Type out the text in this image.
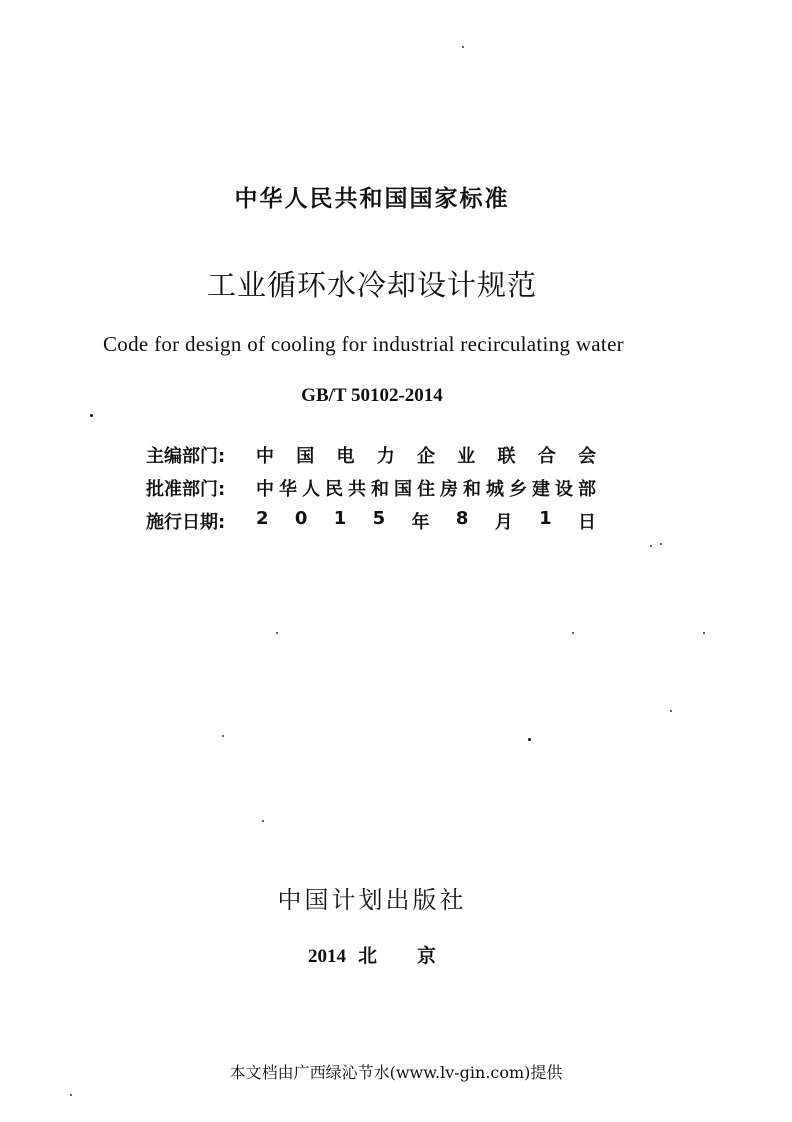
中华人民共和国国家标准
工业循环水冷却设计规范
Code for design of cooling for industrial recirculating water
GB/T 50102-2014
主编部门:	中 国 电 力 企 业 联 合 会
批准部门:	中 华 人 民 共 和 国 住 房 和 城 乡 建 设 部
施行日期:	2 0 1 5 年 8 月 1 日
中国计划出版社
2014 北 京
本文档由广西绿沁节水(www.lv-gin.com)提供
